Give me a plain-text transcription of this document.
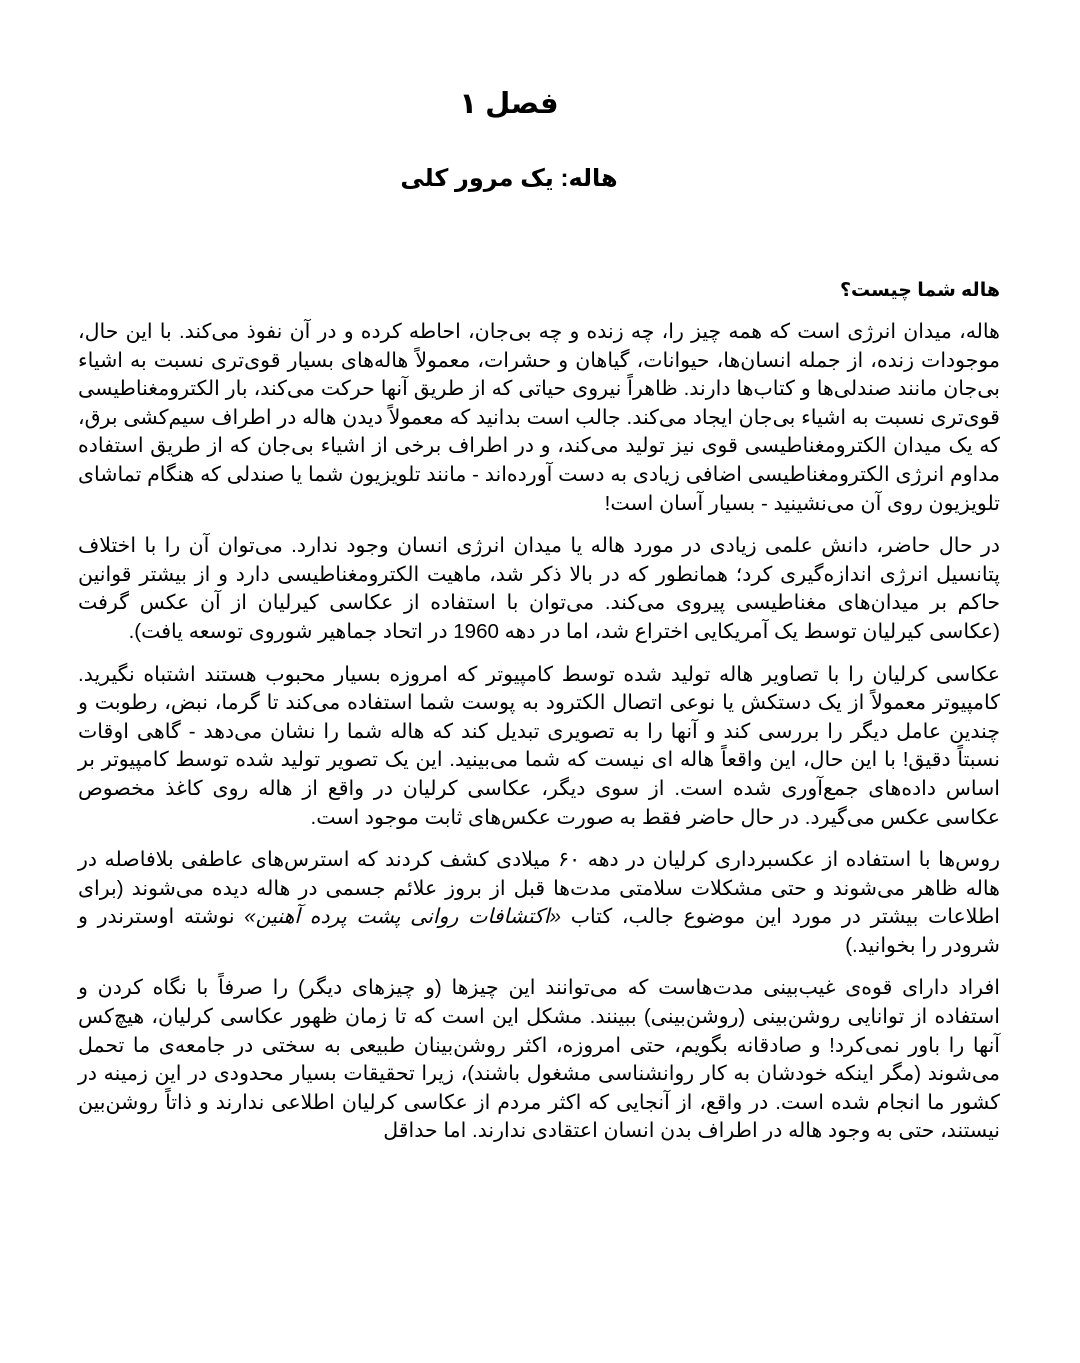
فصل ۱
هاله: یک مرور کلی
هاله شما چیست؟

هاله، میدان انرژی است که همه چیز را، چه زنده و چه بی‌جان، احاطه کرده و در آن نفوذ می‌کند. با این حال، موجودات زنده، از جمله انسان‌ها، حیوانات، گیاهان و حشرات، معمولاً هاله‌های بسیار قوی‌تری نسبت به اشیاء بی‌جان مانند صندلی‌ها و کتاب‌ها دارند. ظاهراً نیروی حیاتی که از طریق آنها حرکت می‌کند، بار الکترومغناطیسی قوی‌تری نسبت به اشیاء بی‌جان ایجاد می‌کند. جالب است بدانید که معمولاً دیدن هاله در اطراف سیم‌کشی برق، که یک میدان الکترومغناطیسی قوی نیز تولید می‌کند، و در اطراف برخی از اشیاء بی‌جان که از طریق استفاده مداوم انرژی الکترومغناطیسی اضافی زیادی به دست آورده‌اند - مانند تلویزیون شما یا صندلی که هنگام تماشای تلویزیون روی آن می‌نشینید - بسیار آسان است!

در حال حاضر، دانش علمی زیادی در مورد هاله یا میدان انرژی انسان وجود ندارد. می‌توان آن را با اختلاف پتانسیل انرژی اندازه‌گیری کرد؛ همانطور که در بالا ذکر شد، ماهیت الکترومغناطیسی دارد و از بیشتر قوانین حاکم بر میدان‌های مغناطیسی پیروی می‌کند. می‌توان با استفاده از عکاسی کیرلیان از آن عکس گرفت (عکاسی کیرلیان توسط یک آمریکایی اختراع شد، اما در دهه 1960 در اتحاد جماهیر شوروی توسعه یافت).

عکاسی کرلیان را با تصاویر هاله تولید شده توسط کامپیوتر که امروزه بسیار محبوب هستند اشتباه نگیرید. کامپیوتر معمولاً از یک دستکش یا نوعی اتصال الکترود به پوست شما استفاده می‌کند تا گرما، نبض، رطوبت و چندین عامل دیگر را بررسی کند و آنها را به تصویری تبدیل کند که هاله شما را نشان می‌دهد - گاهی اوقات نسبتاً دقیق! با این حال، این واقعاً هاله ای نیست که شما می‌بینید. این یک تصویر تولید شده توسط کامپیوتر بر اساس داده‌های جمع‌آوری شده است. از سوی دیگر، عکاسی کرلیان در واقع از هاله روی کاغذ مخصوص عکاسی عکس می‌گیرد. در حال حاضر فقط به صورت عکس‌های ثابت موجود است.

روس‌ها با استفاده از عکسبرداری کرلیان در دهه ۶۰ میلادی کشف کردند که استرس‌های عاطفی بلافاصله در هاله ظاهر می‌شوند و حتی مشکلات سلامتی مدت‌ها قبل از بروز علائم جسمی در هاله دیده می‌شوند (برای اطلاعات بیشتر در مورد این موضوع جالب، کتاب «اکتشافات روانی پشت پرده آهنین» نوشته اوسترندر و شرودر را بخوانید.)

افراد دارای قوه‌ی غیب‌بینی مدت‌هاست که می‌توانند این چیزها (و چیزهای دیگر) را صرفاً با نگاه کردن و استفاده از توانایی روشن‌بینی (روشن‌بینی) ببینند. مشکل این است که تا زمان ظهور عکاسی کرلیان، هیچ‌کس آنها را باور نمی‌کرد! و صادقانه بگویم، حتی امروزه، اکثر روشن‌بینان طبیعی به سختی در جامعه‌ی ما تحمل می‌شوند (مگر اینکه خودشان به کار روانشناسی مشغول باشند)، زیرا تحقیقات بسیار محدودی در این زمینه در کشور ما انجام شده است. در واقع، از آنجایی که اکثر مردم از عکاسی کرلیان اطلاعی ندارند و ذاتاً روشن‌بین نیستند، حتی به وجود هاله در اطراف بدن انسان اعتقادی ندارند. اما حداقل
